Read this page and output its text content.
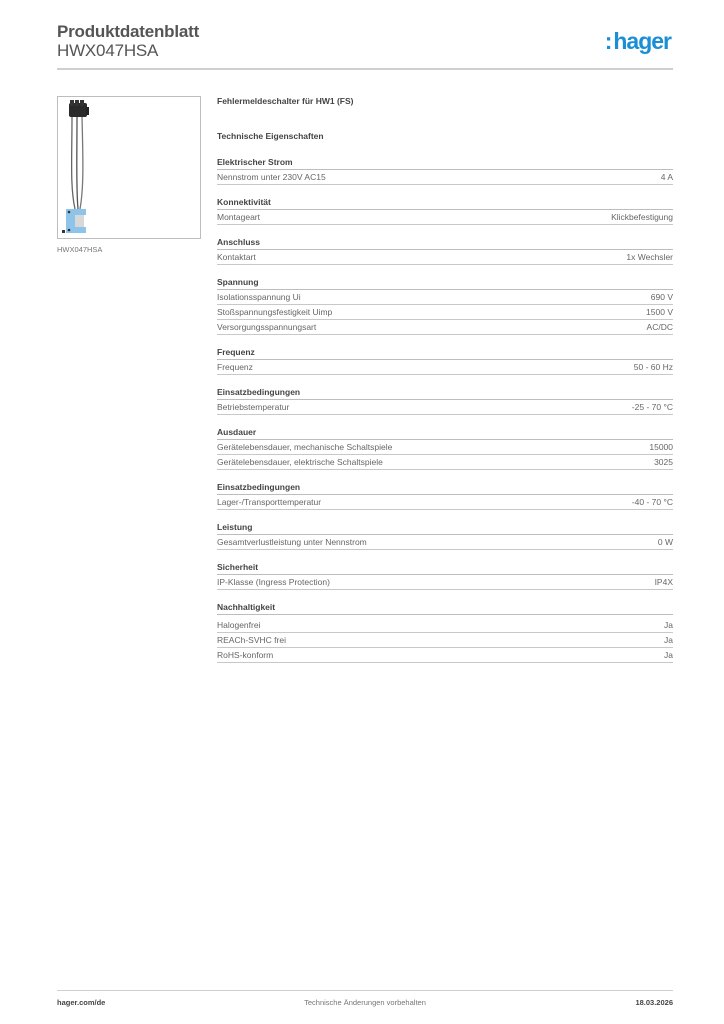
Produktdatenblatt
HWX047HSA	:hager
HWX047HSA
Fehlermeldeschalter für HW1 (FS)
Technische Eigenschaften
Elektrischer Strom
Nennstrom unter 230V AC15	4 A
Konnektivität
Montageart	Klickbefestigung
Anschluss
Kontaktart	1x Wechsler
Spannung
Isolationsspannung Ui	690 V
Stoßspannungsfestigkeit Uimp	1500 V
Versorgungsspannungsart	AC/DC
Frequenz
Frequenz	50 - 60 Hz
Einsatzbedingungen
Betriebstemperatur	-25 - 70 °C
Ausdauer
Gerätelebensdauer, mechanische Schaltspiele	15000
Gerätelebensdauer, elektrische Schaltspiele	3025
Einsatzbedingungen
Lager-/Transporttemperatur	-40 - 70 °C
Leistung
Gesamtverlustleistung unter Nennstrom	0 W
Sicherheit
IP-Klasse (Ingress Protection)	IP4X
Nachhaltigkeit
Halogenfrei	Ja
REACh-SVHC frei	Ja
RoHS-konform	Ja
Technische Änderungen vorbehalten
hager.com/de	18.03.2026
